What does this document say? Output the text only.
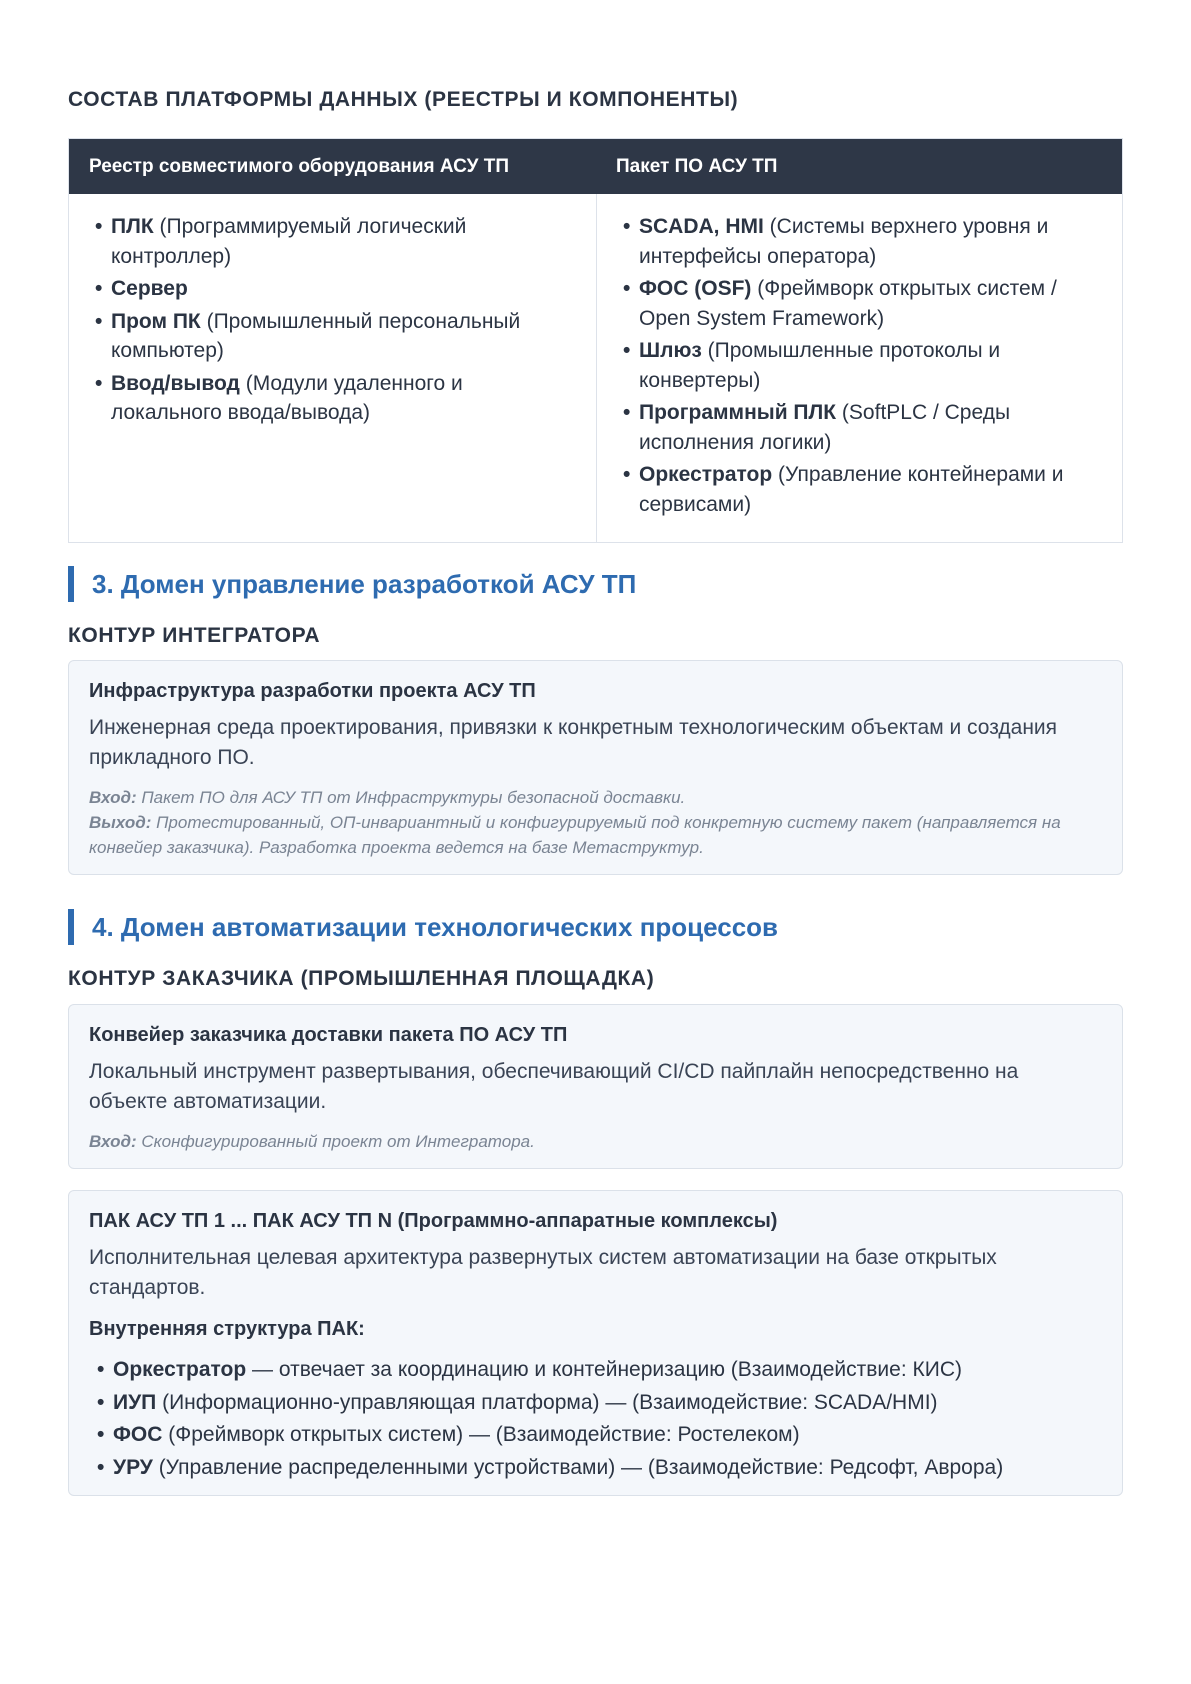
СОСТАВ ПЛАТФОРМЫ ДАННЫХ (РЕЕСТРЫ И КОМПОНЕНТЫ)
Реестр совместимого оборудования АСУ ТП	Пакет ПО АСУ ТП
• ПЛК (Программируемый логический контроллер)
• Сервер
• Пром ПК (Промышленный персональный компьютер)
• Ввод/вывод (Модули удаленного и локального ввода/вывода)
• SCADA, HMI (Системы верхнего уровня и интерфейсы оператора)
• ФОС (OSF) (Фреймворк открытых систем / Open System Framework)
• Шлюз (Промышленные протоколы и конвертеры)
• Программный ПЛК (SoftPLC / Среды исполнения логики)
• Оркестратор (Управление контейнерами и сервисами)
3. Домен управление разработкой АСУ ТП
КОНТУР ИНТЕГРАТОРА

Инфраструктура разработки проекта АСУ ТП

Инженерная среда проектирования, привязки к конкретным технологическим объектам и создания прикладного ПО.

Вход: Пакет ПО для АСУ ТП от Инфраструктуры безопасной доставки.
Выход: Протестированный, ОП-инвариантный и конфигурируемый под конкретную систему пакет (направляется на конвейер заказчика). Разработка проекта ведется на базе Метаструктур.

4. Домен автоматизации технологических процессов
КОНТУР ЗАКАЗЧИКА (ПРОМЫШЛЕННАЯ ПЛОЩАДКА)

Конвейер заказчика доставки пакета ПО АСУ ТП

Локальный инструмент развертывания, обеспечивающий CI/CD пайплайн непосредственно на объекте автоматизации.

Вход: Сконфигурированный проект от Интегратора.

ПАК АСУ ТП 1 ... ПАК АСУ ТП N (Программно-аппаратные комплексы)

Исполнительная целевая архитектура развернутых систем автоматизации на базе открытых стандартов.

Внутренняя структура ПАК:

• Оркестратор — отвечает за координацию и контейнеризацию (Взаимодействие: КИС)
• ИУП (Информационно-управляющая платформа) — (Взаимодействие: SCADA/HMI)
• ФОС (Фреймворк открытых систем) — (Взаимодействие: Ростелеком)
• УРУ (Управление распределенными устройствами) — (Взаимодействие: Редсофт, Аврора)
